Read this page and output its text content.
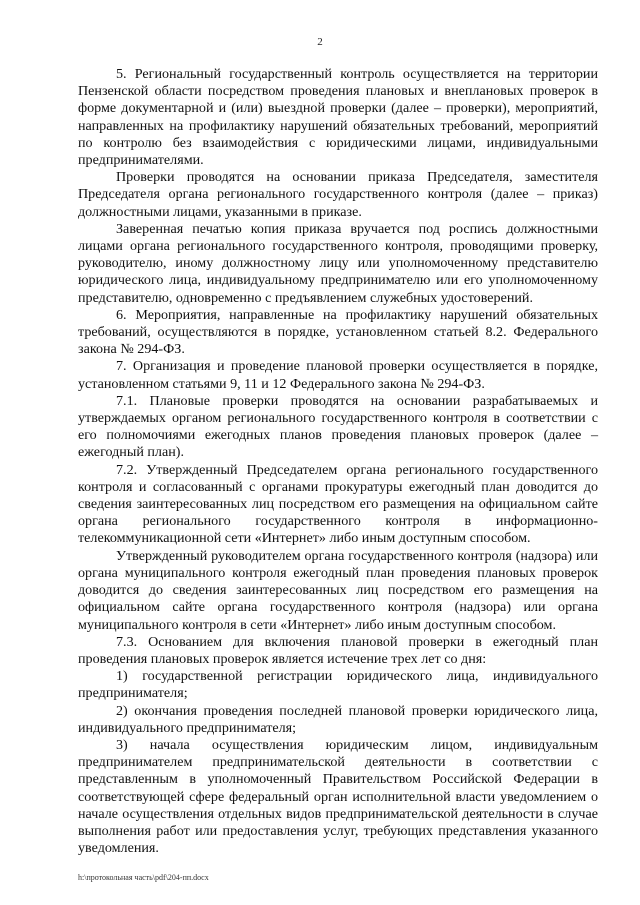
2

5. Региональный государственный контроль осуществляется на территории Пензенской области посредством проведения плановых и внеплановых проверок в форме документарной и (или) выездной проверки (далее – проверки), мероприятий, направленных на профилактику нарушений обязательных требований, мероприятий по контролю без взаимодействия с юридическими лицами, индивидуальными предпринимателями.

Проверки проводятся на основании приказа Председателя, заместителя Председателя органа регионального государственного контроля (далее – приказ) должностными лицами, указанными в приказе.

Заверенная печатью копия приказа вручается под роспись должностными лицами органа регионального государственного контроля, проводящими проверку, руководителю, иному должностному лицу или уполномоченному представителю юридического лица, индивидуальному предпринимателю или его уполномоченному представителю, одновременно с предъявлением служебных удостоверений.

6. Мероприятия, направленные на профилактику нарушений обязательных требований, осуществляются в порядке, установленном статьей 8.2. Федерального закона № 294-ФЗ.

7. Организация и проведение плановой проверки осуществляется в порядке, установленном статьями 9, 11 и 12 Федерального закона № 294-ФЗ.

7.1. Плановые проверки проводятся на основании разрабатываемых и утверждаемых органом регионального государственного контроля в соответствии с его полномочиями ежегодных планов проведения плановых проверок (далее – ежегодный план).

7.2. Утвержденный Председателем органа регионального государственного контроля и согласованный с органами прокуратуры ежегодный план доводится до сведения заинтересованных лиц посредством его размещения на официальном сайте органа регионального государственного контроля в информационно-телекоммуникационной сети «Интернет» либо иным доступным способом.

Утвержденный руководителем органа государственного контроля (надзора) или органа муниципального контроля ежегодный план проведения плановых проверок доводится до сведения заинтересованных лиц посредством его размещения на официальном сайте органа государственного контроля (надзора) или органа муниципального контроля в сети «Интернет» либо иным доступным способом.

7.3. Основанием для включения плановой проверки в ежегодный план проведения плановых проверок является истечение трех лет со дня:

1) государственной регистрации юридического лица, индивидуального предпринимателя;

2) окончания проведения последней плановой проверки юридического лица, индивидуального предпринимателя;

3) начала осуществления юридическим лицом, индивидуальным предпринимателем предпринимательской деятельности в соответствии с представленным в уполномоченный Правительством Российской Федерации в соответствующей сфере федеральный орган исполнительной власти уведомлением о начале осуществления отдельных видов предпринимательской деятельности в случае выполнения работ или предоставления услуг, требующих представления указанного уведомления.

h:\протокольная часть\pdf\204-пп.docx
